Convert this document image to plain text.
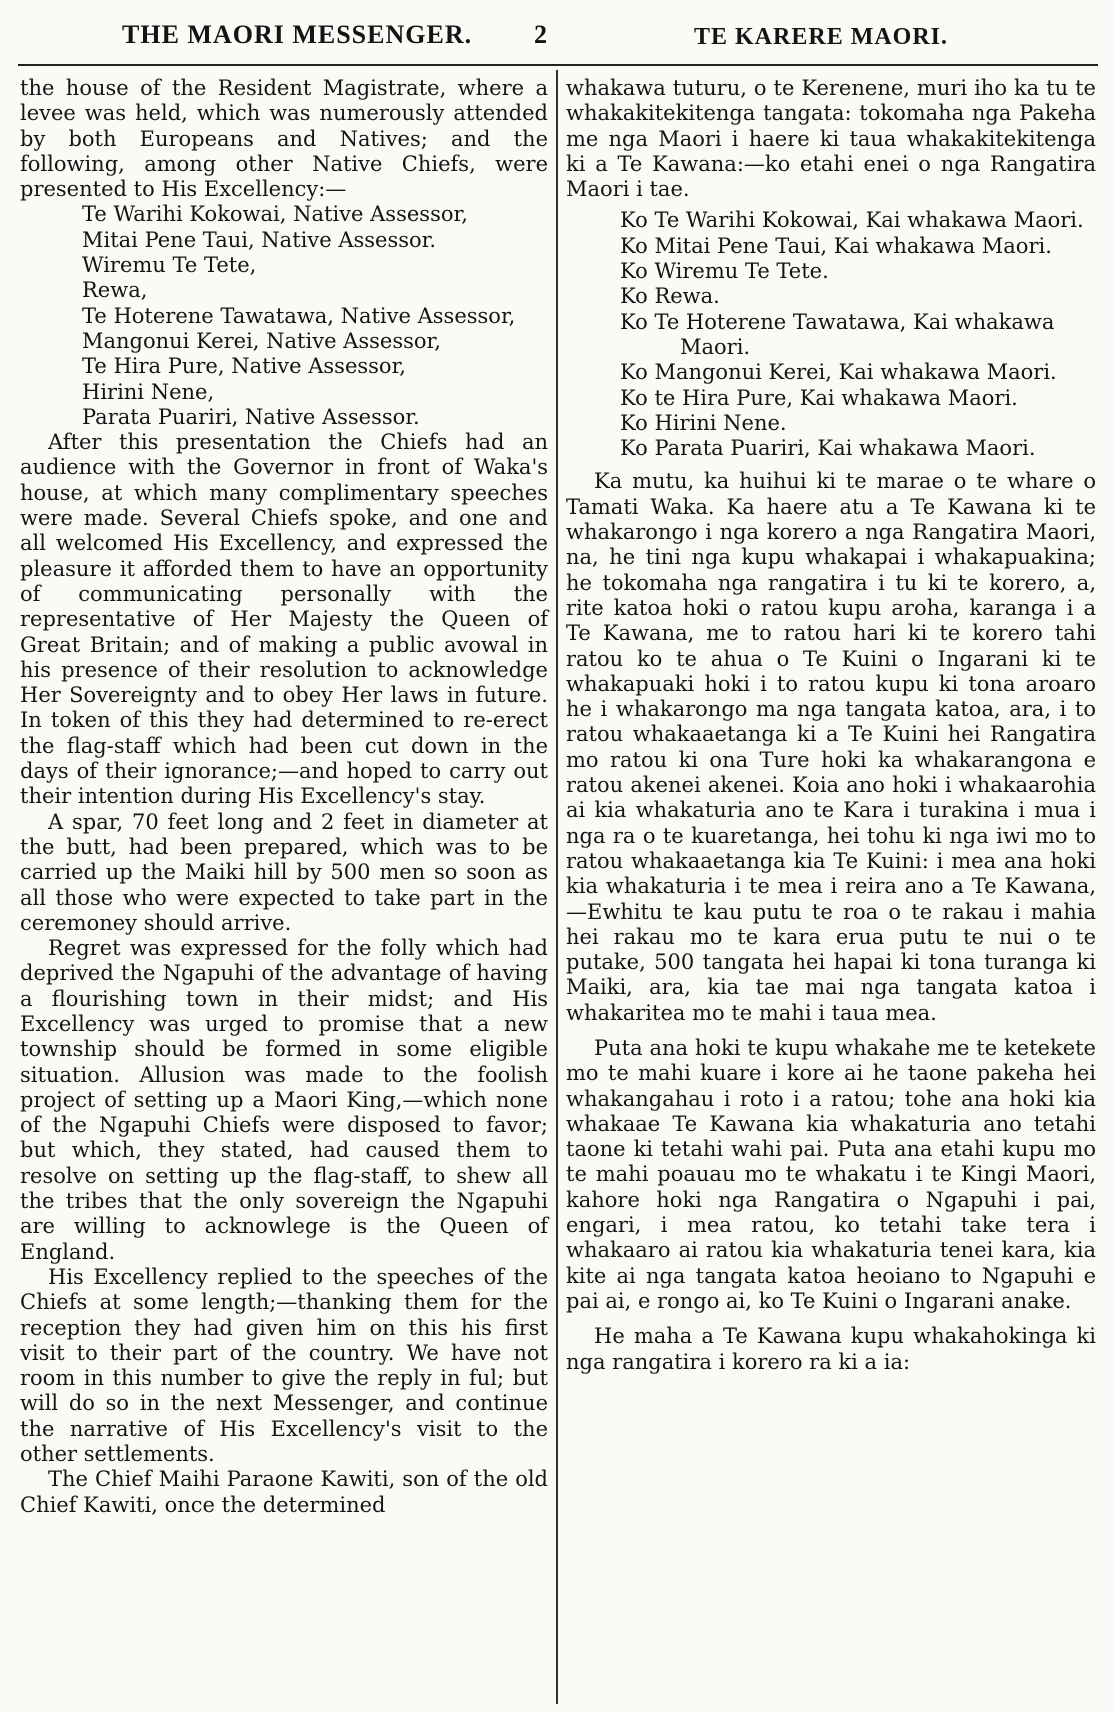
THE MAORI MESSENGER. 2	TE KARERE MAORI.

the house of the Resident Magistrate, where a levee was held, which was numerously attended by both Europeans and Natives; and the following, among other Native Chiefs, were presented to His Excellency:—

Te Warihi Kokowai, Native Assessor,
Mitai Pene Taui, Native Assessor.
Wiremu Te Tete,
Rewa,
Te Hoterene Tawatawa, Native Assessor,
Mangonui Kerei, Native Assessor,
Te Hira Pure, Native Assessor,
Hirini Nene,
Parata Puariri, Native Assessor.

After this presentation the Chiefs had an audience with the Governor in front of Waka's house, at which many complimentary speeches were made. Several Chiefs spoke, and one and all welcomed His Excellency, and expressed the pleasure it afforded them to have an opportunity of communicating personally with the representative of Her Majesty the Queen of Great Britain; and of making a public avowal in his presence of their resolution to acknowledge Her Sovereignty and to obey Her laws in future. In token of this they had determined to re-erect the flag-staff which had been cut down in the days of their ignorance;—and hoped to carry out their intention during His Excellency's stay.

A spar, 70 feet long and 2 feet in diameter at the butt, had been prepared, which was to be carried up the Maiki hill by 500 men so soon as all those who were expected to take part in the ceremoney should arrive.

Regret was expressed for the folly which had deprived the Ngapuhi of the advantage of having a flourishing town in their midst; and His Excellency was urged to promise that a new township should be formed in some eligible situation. Allusion was made to the foolish project of setting up a Maori King,—which none of the Ngapuhi Chiefs were disposed to favor; but which, they stated, had caused them to resolve on setting up the flag-staff, to shew all the tribes that the only sovereign the Ngapuhi are willing to acknowlege is the Queen of England.

His Excellency replied to the speeches of the Chiefs at some length;—thanking them for the reception they had given him on this his first visit to their part of the country. We have not room in this number to give the reply in ful; but will do so in the next Messenger, and continue the narrative of His Excellency's visit to the other settlements.

The Chief Maihi Paraone Kawiti, son of the old Chief Kawiti, once the determined

whakawa tuturu, o te Kerenene, muri iho ka tu te whakakitekitenga tangata: tokomaha nga Pakeha me nga Maori i haere ki taua whakakitekitenga ki a Te Kawana:—ko etahi enei o nga Rangatira Maori i tae.

Ko Te Warihi Kokowai, Kai whakawa Maori.
Ko Mitai Pene Taui, Kai whakawa Maori.
Ko Wiremu Te Tete.
Ko Rewa.
Ko Te Hoterene Tawatawa, Kai whakawa Maori.
Ko Mangonui Kerei, Kai whakawa Maori.
Ko te Hira Pure, Kai whakawa Maori.
Ko Hirini Nene.
Ko Parata Puariri, Kai whakawa Maori.

Ka mutu, ka huihui ki te marae o te whare o Tamati Waka. Ka haere atu a Te Kawana ki te whakarongo i nga korero a nga Rangatira Maori, na, he tini nga kupu whakapai i whakapuakina; he tokomaha nga rangatira i tu ki te korero, a, rite katoa hoki o ratou kupu aroha, karanga i a Te Kawana, me to ratou hari ki te korero tahi ratou ko te ahua o Te Kuini o Ingarani ki te whakapuaki hoki i to ratou kupu ki tona aroaro he i whakarongo ma nga tangata katoa, ara, i to ratou whakaaetanga ki a Te Kuini hei Rangatira mo ratou ki ona Ture hoki ka whakarangona e ratou akenei akenei. Koia ano hoki i whakaarohia ai kia whakaturia ano te Kara i turakina i mua i nga ra o te kuaretanga, hei tohu ki nga iwi mo to ratou whakaaetanga kia Te Kuini: i mea ana hoki kia whakaturia i te mea i reira ano a Te Kawana,—Ewhitu te kau putu te roa o te rakau i mahia hei rakau mo te kara erua putu te nui o te putake, 500 tangata hei hapai ki tona turanga ki Maiki, ara, kia tae mai nga tangata katoa i whakaritea mo te mahi i taua mea.

Puta ana hoki te kupu whakahe me te ketekete mo te mahi kuare i kore ai he taone pakeha hei whakangahau i roto i a ratou; tohe ana hoki kia whakaae Te Kawana kia whakaturia ano tetahi taone ki tetahi wahi pai. Puta ana etahi kupu mo te mahi poauau mo te whakatu i te Kingi Maori, kahore hoki nga Rangatira o Ngapuhi i pai, engari, i mea ratou, ko tetahi take tera i whakaaro ai ratou kia whakaturia tenei kara, kia kite ai nga tangata katoa heoiano to Ngapuhi e pai ai, e rongo ai, ko Te Kuini o Ingarani anake.

He maha a Te Kawana kupu whakahokinga ki nga rangatira i korero ra ki a ia:
